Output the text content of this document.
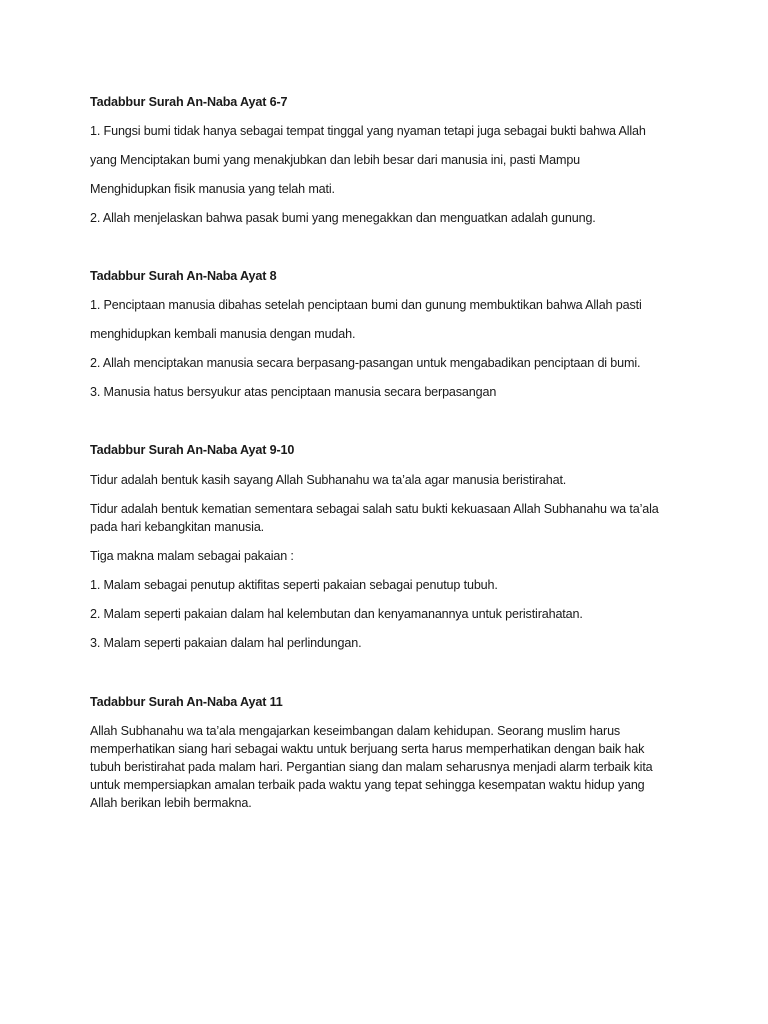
Tadabbur Surah An-Naba Ayat 6-7

1. Fungsi bumi tidak hanya sebagai tempat tinggal yang nyaman tetapi juga sebagai bukti bahwa Allah

yang Menciptakan bumi yang menakjubkan dan lebih besar dari manusia ini, pasti Mampu

Menghidupkan fisik manusia yang telah mati.

2. Allah menjelaskan bahwa pasak bumi yang menegakkan dan menguatkan adalah gunung.

Tadabbur Surah An-Naba Ayat 8

1. Penciptaan manusia dibahas setelah penciptaan bumi dan gunung membuktikan bahwa Allah pasti

menghidupkan kembali manusia dengan mudah.

2. Allah menciptakan manusia secara berpasang-pasangan untuk mengabadikan penciptaan di bumi.

3. Manusia hatus bersyukur atas penciptaan manusia secara berpasangan

Tadabbur Surah An-Naba Ayat 9-10

Tidur adalah bentuk kasih sayang Allah Subhanahu wa ta’ala agar manusia beristirahat.

Tidur adalah bentuk kematian sementara sebagai salah satu bukti kekuasaan Allah Subhanahu wa ta’ala

pada hari kebangkitan manusia.

Tiga makna malam sebagai pakaian :

1. Malam sebagai penutup aktifitas seperti pakaian sebagai penutup tubuh.

2. Malam seperti pakaian dalam hal kelembutan dan kenyamanannya untuk peristirahatan.

3. Malam seperti pakaian dalam hal perlindungan.

Tadabbur Surah An-Naba Ayat 11

Allah Subhanahu wa ta’ala mengajarkan keseimbangan dalam kehidupan. Seorang muslim harus

memperhatikan siang hari sebagai waktu untuk berjuang serta harus memperhatikan dengan baik hak

tubuh beristirahat pada malam hari. Pergantian siang dan malam seharusnya menjadi alarm terbaik kita

untuk mempersiapkan amalan terbaik pada waktu yang tepat sehingga kesempatan waktu hidup yang

Allah berikan lebih bermakna.
